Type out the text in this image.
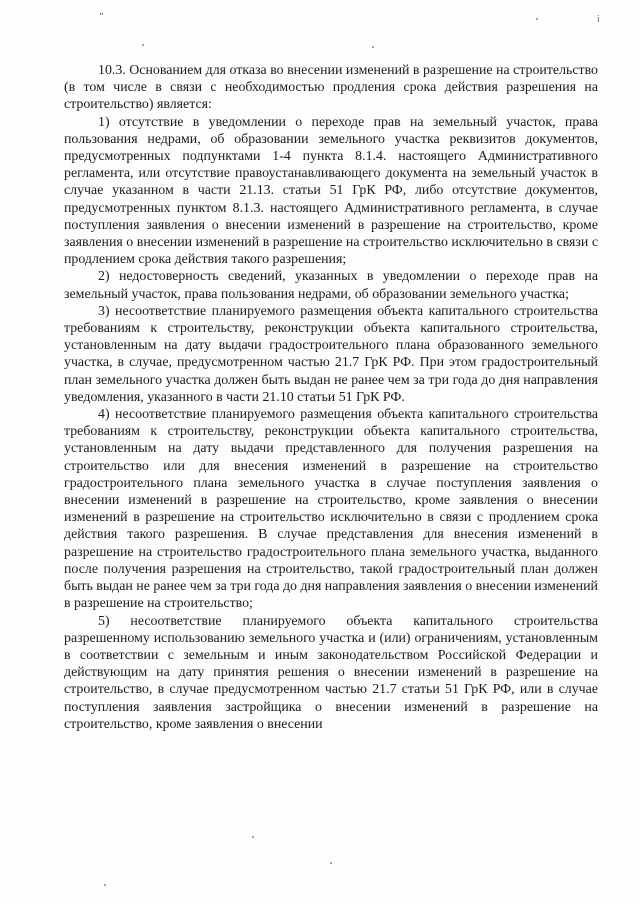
„
i

10.3. Основанием для отказа во внесении изменений в разрешение на строительство (в том числе в связи с необходимостью продления срока действия разрешения на строительство) является:

1) отсутствие в уведомлении о переходе прав на земельный участок, права пользования недрами, об образовании земельного участка реквизитов документов, предусмотренных подпунктами 1-4 пункта 8.1.4. настоящего Административного регламента, или отсутствие правоустанавливающего документа на земельный участок в случае указанном в части 21.13. статьи 51 ГрК РФ, либо отсутствие документов, предусмотренных пунктом 8.1.3. настоящего Административного регламента, в случае поступления заявления о внесении изменений в разрешение на строительство, кроме заявления о внесении изменений в разрешение на строительство исключительно в связи с продлением срока действия такого разрешения;

2) недостоверность сведений, указанных в уведомлении о переходе прав на земельный участок, права пользования недрами, об образовании земельного участка;

3) несоответствие планируемого размещения объекта капитального строительства требованиям к строительству, реконструкции объекта капитального строительства, установленным на дату выдачи градостроительного плана образованного земельного участка, в случае, предусмотренном частью 21.7 ГрК РФ. При этом градостроительный план земельного участка должен быть выдан не ранее чем за три года до дня направления уведомления, указанного в части 21.10 статьи 51 ГрК РФ.

4) несоответствие планируемого размещения объекта капитального строительства требованиям к строительству, реконструкции объекта капитального строительства, установленным на дату выдачи представленного для получения разрешения на строительство или для внесения изменений в разрешение на строительство градостроительного плана земельного участка в случае поступления заявления о внесении изменений в разрешение на строительство, кроме заявления о внесении изменений в разрешение на строительство исключительно в связи с продлением срока действия такого разрешения. В случае представления для внесения изменений в разрешение на строительство градостроительного плана земельного участка, выданного после получения разрешения на строительство, такой градостроительный план должен быть выдан не ранее чем за три года до дня направления заявления о внесении изменений в разрешение на строительство;

5) несоответствие планируемого объекта капитального строительства разрешенному использованию земельного участка и (или) ограничениям, установленным в соответствии с земельным и иным законодательством Российской Федерации и действующим на дату принятия решения о внесении изменений в разрешение на строительство, в случае предусмотренном частью 21.7 статьи 51 ГрК РФ, или в случае поступления заявления застройщика о внесении изменений в разрешение на строительство, кроме заявления о внесении
